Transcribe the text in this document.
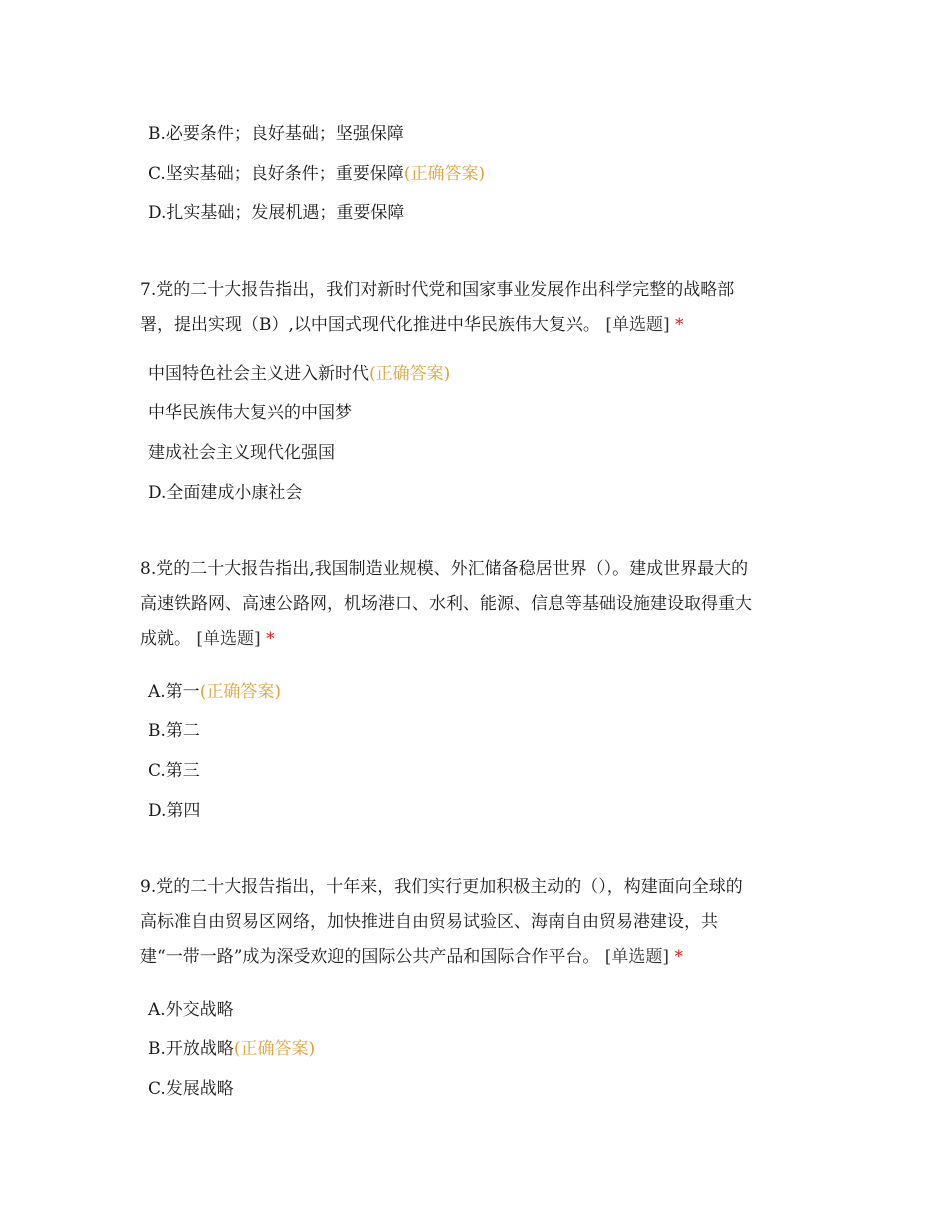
B.必要条件；良好基础；坚强保障
C.坚实基础；良好条件；重要保障(正确答案)
D.扎实基础；发展机遇；重要保障
7.党的二十大报告指出，我们对新时代党和国家事业发展作出科学完整的战略部
署，提出实现（B）,以中国式现代化推进中华民族伟大复兴。 [单选题] *
中国特色社会主义进入新时代(正确答案)
中华民族伟大复兴的中国梦
建成社会主义现代化强国
D.全面建成小康社会
8.党的二十大报告指出,我国制造业规模、外汇储备稳居世界（）。建成世界最大的
高速铁路网、高速公路网，机场港口、水利、能源、信息等基础设施建设取得重大
成就。 [单选题] *
A.第一(正确答案)
B.第二
C.第三
D.第四
9.党的二十大报告指出，十年来，我们实行更加积极主动的（），构建面向全球的
高标准自由贸易区网络，加快推进自由贸易试验区、海南自由贸易港建设，共
建“一带一路”成为深受欢迎的国际公共产品和国际合作平台。 [单选题] *
A.外交战略
B.开放战略(正确答案)
C.发展战略
